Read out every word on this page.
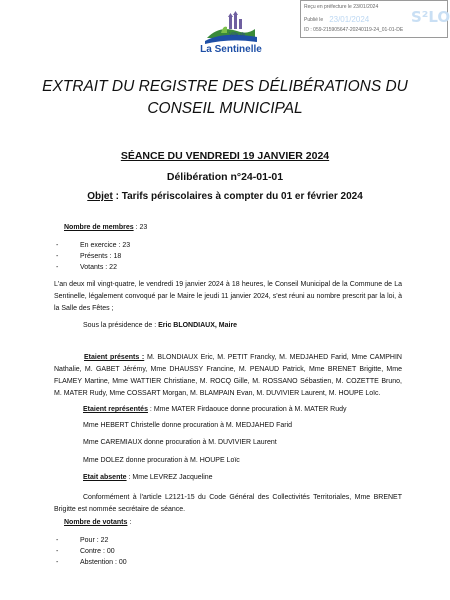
Reçu en préfecture le 23/01/2024
Publié le 23/01/2024
ID : 059-215905647-20240119-24_01-01-DE
S²LO
Ville de
La Sentinelle
EXTRAIT DU REGISTRE DES DÉLIBÉRATIONS DU
CONSEIL MUNICIPAL
SÉANCE DU VENDREDI 19 JANVIER 2024
Délibération n°24-01-01
Objet : Tarifs périscolaires à compter du 01 er février 2024
Nombre de membres : 23
- En exercice : 23
- Présents : 18
- Votants : 22
L'an deux mil vingt-quatre, le vendredi 19 janvier 2024 à 18 heures, le Conseil Municipal de la Commune de La Sentinelle, légalement convoqué par le Maire le jeudi 11 janvier 2024, s'est réuni au nombre prescrit par la loi, à la Salle des Fêtes ;
Sous la présidence de : Eric BLONDIAUX, Maire
Etaient présents : M. BLONDIAUX Eric, M. PETIT Francky, M. MEDJAHED Farid, Mme CAMPHIN Nathalie, M. GABET Jérémy, Mme DHAUSSY Francine, M. PENAUD Patrick, Mme BRENET Brigitte, Mme FLAMEY Martine, Mme WATTIER Christiane, M. ROCQ Gille, M. ROSSANO Sébastien, M. COZETTE Bruno, M. MATER Rudy, Mme COSSART Morgan, M. BLAMPAIN Evan, M. DUVIVIER Laurent, M. HOUPE Loïc.
Etaient représentés : Mme MATER Firdaouce donne procuration à M. MATER Rudy
Mme HEBERT Christelle donne procuration à M. MEDJAHED Farid
Mme CAREMIAUX donne procuration à M. DUVIVIER Laurent
Mme DOLEZ donne procuration à M. HOUPE Loïc
Etait absente : Mme LEVREZ Jacqueline
Conformément à l'article L2121-15 du Code Général des Collectivités Territoriales, Mme BRENET Brigitte est nommée secrétaire de séance.
Nombre de votants :
- Pour : 22
- Contre : 00
- Abstention : 00
